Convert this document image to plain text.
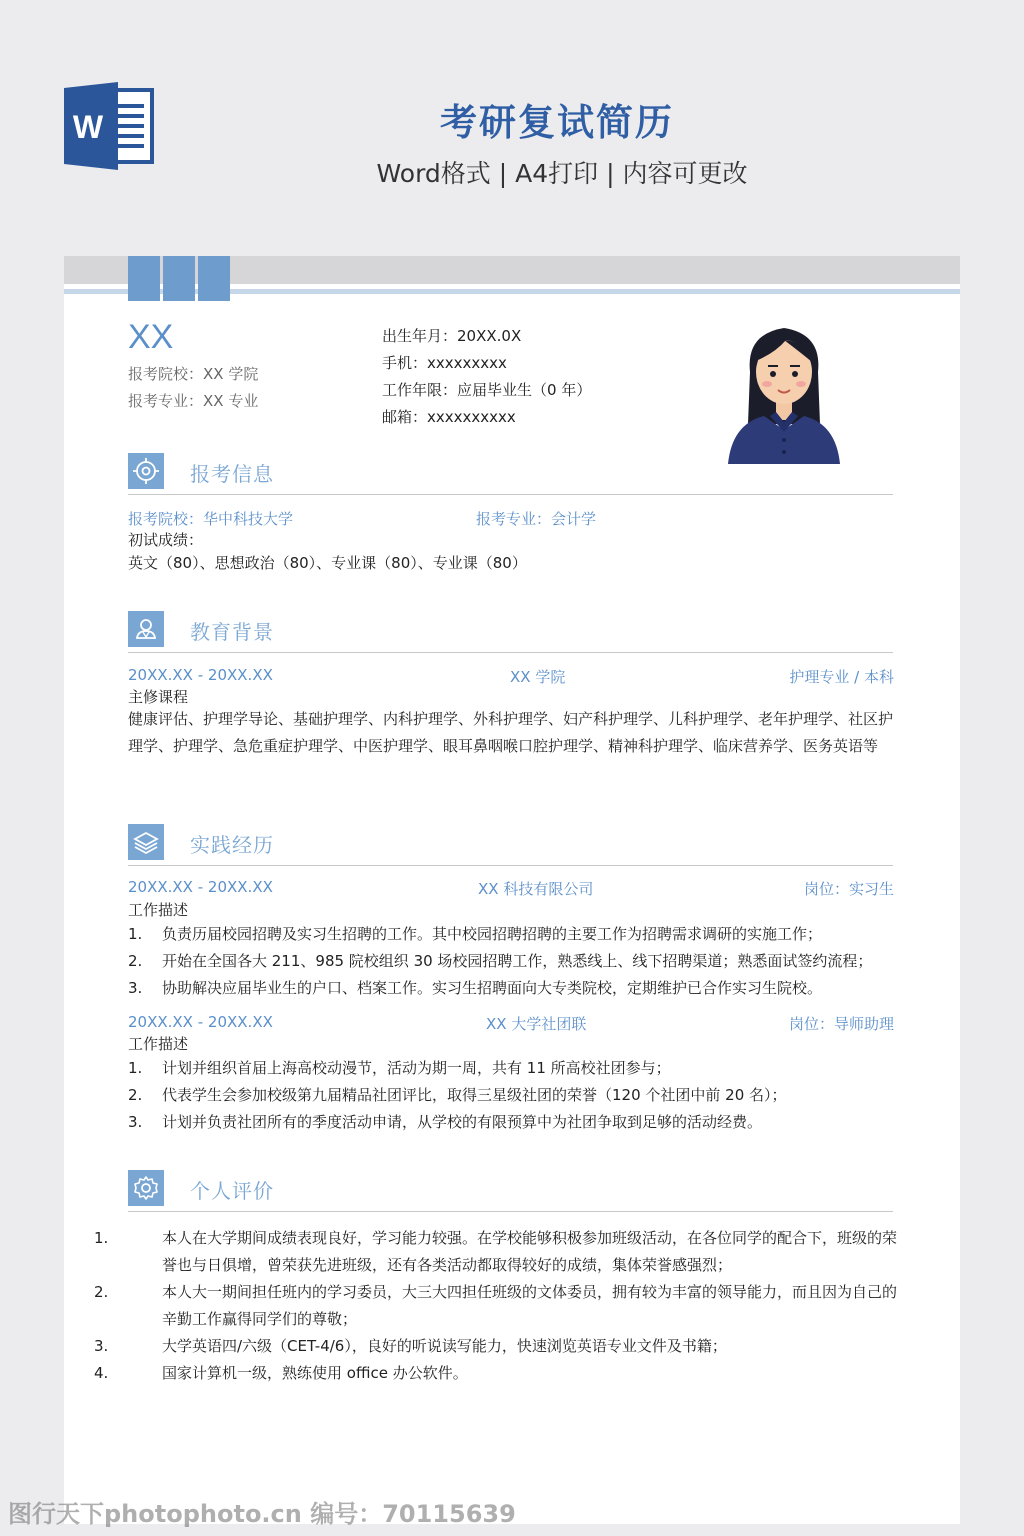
W	考研复试简历
Word格式 | A4打印 | 内容可更改
XX
报考院校：XX 学院
报考专业：XX 专业
出生年月：20XX.0X
手机：xxxxxxxxx
工作年限：应届毕业生（0 年）
邮箱：xxxxxxxxxx
报考信息
报考院校：华中科技大学	报考专业：会计学
初试成绩：
英文（80）、思想政治（80）、专业课（80）、专业课（80）
教育背景
20XX.XX - 20XX.XX	XX 学院	护理专业 / 本科
主修课程
健康评估、护理学导论、基础护理学、内科护理学、外科护理学、妇产科护理学、儿科护理学、老年护理学、社区护理学、护理学、急危重症护理学、中医护理学、眼耳鼻咽喉口腔护理学、精神科护理学、临床营养学、医务英语等
实践经历
20XX.XX - 20XX.XX	XX 科技有限公司	岗位：实习生
工作描述
1. 负责历届校园招聘及实习生招聘的工作。其中校园招聘招聘的主要工作为招聘需求调研的实施工作；
2. 开始在全国各大 211、985 院校组织 30 场校园招聘工作，熟悉线上、线下招聘渠道；熟悉面试签约流程；
3. 协助解决应届毕业生的户口、档案工作。实习生招聘面向大专类院校，定期维护已合作实习生院校。
20XX.XX - 20XX.XX	XX 大学社团联	岗位：导师助理
工作描述
1. 计划并组织首届上海高校动漫节，活动为期一周，共有 11 所高校社团参与；
2. 代表学生会参加校级第九届精品社团评比，取得三星级社团的荣誉（120 个社团中前 20 名）；
3. 计划并负责社团所有的季度活动申请，从学校的有限预算中为社团争取到足够的活动经费。
个人评价
1.	本人在大学期间成绩表现良好，学习能力较强。在学校能够积极参加班级活动，在各位同学的配合下，班级的荣誉也与日俱增，曾荣获先进班级，还有各类活动都取得较好的成绩，集体荣誉感强烈；
2.	本人大一期间担任班内的学习委员，大三大四担任班级的文体委员，拥有较为丰富的领导能力，而且因为自己的辛勤工作赢得同学们的尊敬；
3.	大学英语四/六级（CET-4/6），良好的听说读写能力，快速浏览英语专业文件及书籍；
4.	国家计算机一级，熟练使用 office 办公软件。
图行天下photophoto.cn 编号：70115639
